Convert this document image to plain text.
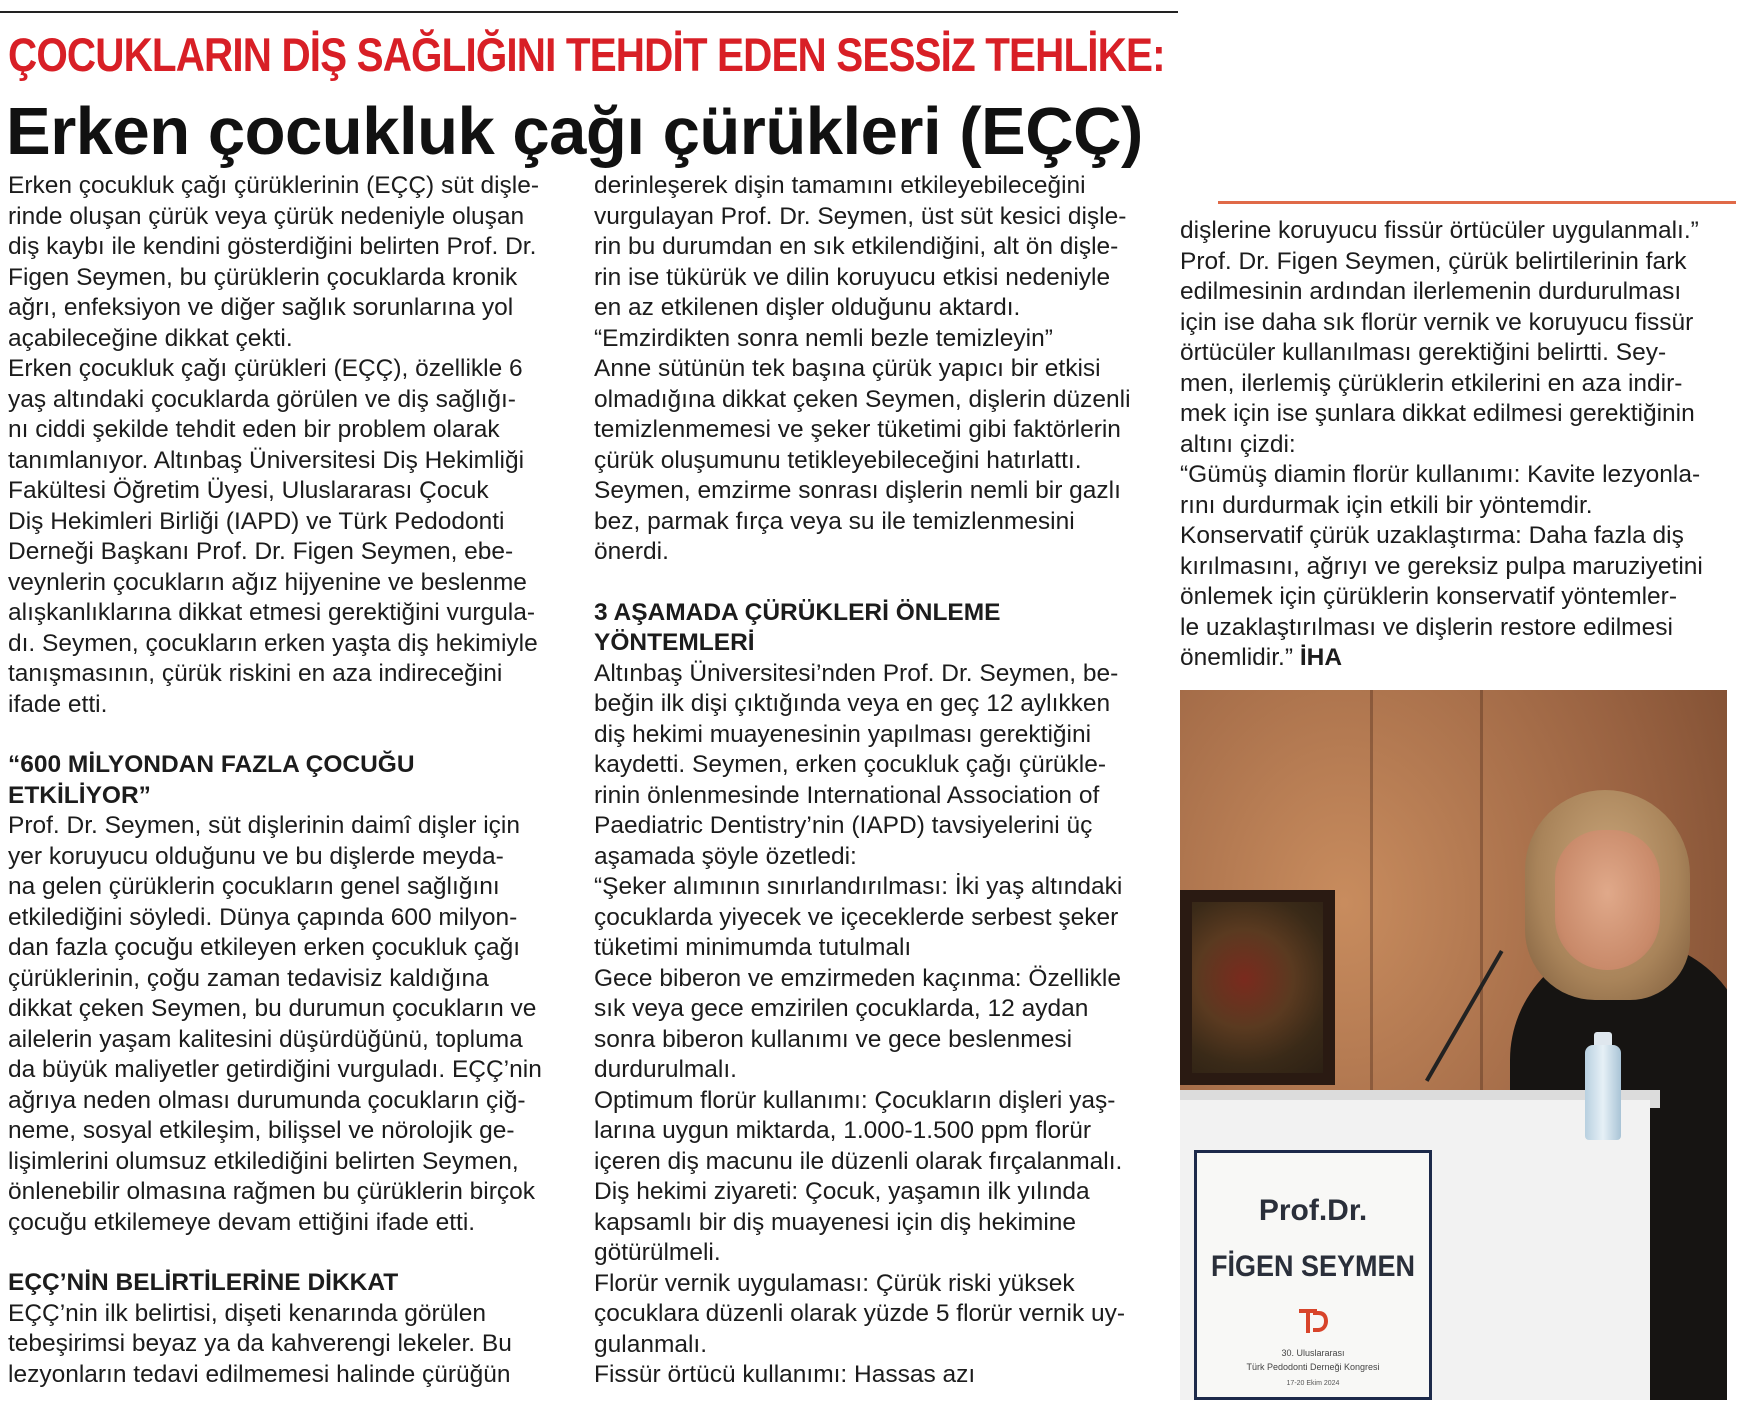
ÇOCUKLARIN DİŞ SAĞLIĞINI TEHDİT EDEN SESSİZ TEHLİKE:
Erken çocukluk çağı çürükleri (EÇÇ)

Erken çocukluk çağı çürüklerinin (EÇÇ) süt dişle-

rinde oluşan çürük veya çürük nedeniyle oluşan

diş kaybı ile kendini gösterdiğini belirten Prof. Dr.

Figen Seymen, bu çürüklerin çocuklarda kronik

ağrı, enfeksiyon ve diğer sağlık sorunlarına yol

açabileceğine dikkat çekti.

Erken çocukluk çağı çürükleri (EÇÇ), özellikle 6

yaş altındaki çocuklarda görülen ve diş sağlığı-

nı ciddi şekilde tehdit eden bir problem olarak

tanımlanıyor. Altınbaş Üniversitesi Diş Hekimliği

Fakültesi Öğretim Üyesi, Uluslararası Çocuk

Diş Hekimleri Birliği (IAPD) ve Türk Pedodonti

Derneği Başkanı Prof. Dr. Figen Seymen, ebe-

veynlerin çocukların ağız hijyenine ve beslenme

alışkanlıklarına dikkat etmesi gerektiğini vurgula-

dı. Seymen, çocukların erken yaşta diş hekimiyle

tanışmasının, çürük riskini en aza indireceğini

ifade etti.

“600 MİLYONDAN FAZLA ÇOCUĞU

ETKİLİYOR”

Prof. Dr. Seymen, süt dişlerinin daimî dişler için

yer koruyucu olduğunu ve bu dişlerde meyda-

na gelen çürüklerin çocukların genel sağlığını

etkilediğini söyledi. Dünya çapında 600 milyon-

dan fazla çocuğu etkileyen erken çocukluk çağı

çürüklerinin, çoğu zaman tedavisiz kaldığına

dikkat çeken Seymen, bu durumun çocukların ve

ailelerin yaşam kalitesini düşürdüğünü, topluma

da büyük maliyetler getirdiğini vurguladı. EÇÇ’nin

ağrıya neden olması durumunda çocukların çiğ-

neme, sosyal etkileşim, bilişsel ve nörolojik ge-

lişimlerini olumsuz etkilediğini belirten Seymen,

önlenebilir olmasına rağmen bu çürüklerin birçok

çocuğu etkilemeye devam ettiğini ifade etti.

EÇÇ’NİN BELİRTİLERİNE DİKKAT

EÇÇ’nin ilk belirtisi, dişeti kenarında görülen

tebeşirimsi beyaz ya da kahverengi lekeler. Bu

lezyonların tedavi edilmemesi halinde çürüğün

derinleşerek dişin tamamını etkileyebileceğini

vurgulayan Prof. Dr. Seymen, üst süt kesici dişle-

rin bu durumdan en sık etkilendiğini, alt ön dişle-

rin ise tükürük ve dilin koruyucu etkisi nedeniyle

en az etkilenen dişler olduğunu aktardı.

“Emzirdikten sonra nemli bezle temizleyin”

Anne sütünün tek başına çürük yapıcı bir etkisi

olmadığına dikkat çeken Seymen, dişlerin düzenli

temizlenmemesi ve şeker tüketimi gibi faktörlerin

çürük oluşumunu tetikleyebileceğini hatırlattı.

Seymen, emzirme sonrası dişlerin nemli bir gazlı

bez, parmak fırça veya su ile temizlenmesini

önerdi.

3 AŞAMADA ÇÜRÜKLERİ ÖNLEME

YÖNTEMLERİ

Altınbaş Üniversitesi’nden Prof. Dr. Seymen, be-

beğin ilk dişi çıktığında veya en geç 12 aylıkken

diş hekimi muayenesinin yapılması gerektiğini

kaydetti. Seymen, erken çocukluk çağı çürükle-

rinin önlenmesinde International Association of

Paediatric Dentistry’nin (IAPD) tavsiyelerini üç

aşamada şöyle özetledi:

“Şeker alımının sınırlandırılması: İki yaş altındaki

çocuklarda yiyecek ve içeceklerde serbest şeker

tüketimi minimumda tutulmalı

Gece biberon ve emzirmeden kaçınma: Özellikle

sık veya gece emzirilen çocuklarda, 12 aydan

sonra biberon kullanımı ve gece beslenmesi

durdurulmalı.

Optimum florür kullanımı: Çocukların dişleri yaş-

larına uygun miktarda, 1.000-1.500 ppm florür

içeren diş macunu ile düzenli olarak fırçalanmalı.

Diş hekimi ziyareti: Çocuk, yaşamın ilk yılında

kapsamlı bir diş muayenesi için diş hekimine

götürülmeli.

Florür vernik uygulaması: Çürük riski yüksek

çocuklara düzenli olarak yüzde 5 florür vernik uy-

gulanmalı.

Fissür örtücü kullanımı: Hassas azı

dişlerine koruyucu fissür örtücüler uygulanmalı.”

Prof. Dr. Figen Seymen, çürük belirtilerinin fark

edilmesinin ardından ilerlemenin durdurulması

için ise daha sık florür vernik ve koruyucu fissür

örtücüler kullanılması gerektiğini belirtti. Sey-

men, ilerlemiş çürüklerin etkilerini en aza indir-

mek için ise şunlara dikkat edilmesi gerektiğinin

altını çizdi:

“Gümüş diamin florür kullanımı: Kavite lezyonla-

rını durdurmak için etkili bir yöntemdir.

Konservatif çürük uzaklaştırma: Daha fazla diş

kırılmasını, ağrıyı ve gereksiz pulpa maruziyetini

önlemek için çürüklerin konservatif yöntemler-

le uzaklaştırılması ve dişlerin restore edilmesi

önemlidir.” İHA

Prof.Dr.
FİGEN SEYMEN
30. Uluslararası
Türk Pedodonti Derneği Kongresi
17-20 Ekim 2024
